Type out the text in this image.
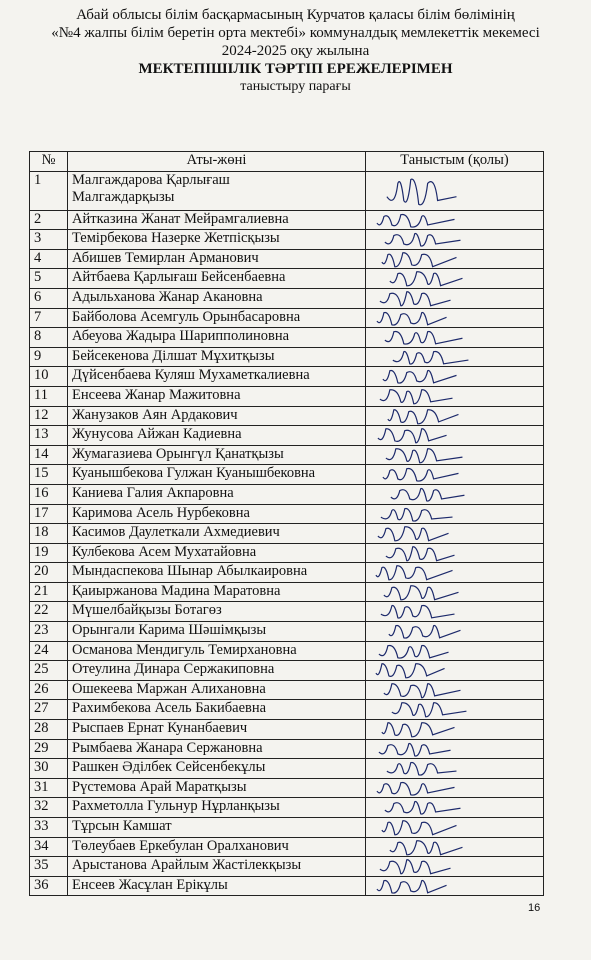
Абай облысы білім басқармасының Курчатов қаласы білім бөлімінің
«№4 жалпы білім беретін орта мектебі» коммуналдық мемлекеттік мекемесі
2024-2025 оқу жылына
МЕКТЕПІШІЛІК ТӘРТІП ЕРЕЖЕЛЕРІМЕН
таныстыру парағы
№	Аты-жөні	Таныстым (қолы)
1	Малгаждарова Қарлығаш
Малгаждарқызы

2	Айтказина Жанат Мейрамгалиевна

3	Темірбекова Назерке Жетпісқызы

4	Абишев Темирлан Арманович

5	Айтбаева Қарлығаш Бейсенбаевна

6	Адыльханова Жанар Акановна

7	Байболова Асемгуль Орынбасаровна

8	Абеуова Жадыра Шарипполиновна

9	Бейсекенова Ділшат Мұхитқызы

10	Дүйсенбаева Куляш Мухаметкалиевна

11	Енсеева Жанар Мажитовна

12	Жанузаков Аян Ардакович

13	Жунусова Айжан Кадиевна

14	Жумагазиева Орынгүл Қанатқызы

15	Куанышбекова Гулжан Куанышбековна

16	Каниева Галия Акпаровна

17	Каримова Асель Нурбековна

18	Касимов Даулеткали Ахмедиевич

19	Кулбекова Асем Мухатайовна

20	Мындаспекова Шынар Абылкаировна

21	Қаиыржанова Мадина Маратовна

22	Мүшелбайқызы Ботагөз

23	Орынгали Карима Шәшімқызы

24	Османова Мендигуль Темирхановна

25	Отеулина Динара Сержакиповна

26	Ошекеева Маржан Алихановна

27	Рахимбекова Асель Бакибаевна

28	Рыспаев Ернат Кунанбаевич

29	Рымбаева Жанара Сержановна

30	Рашкен Әділбек Сейсенбекұлы

31	Рүстемова Арай Маратқызы

32	Рахметолла Гульнур Нұрланқызы

33	Тұрсын Камшат

34	Төлеубаев Еркебулан Оралханович

35	Арыстанова Арайлым Жастілекқызы

36	Енсеев Жасұлан Ерікұлы

16
